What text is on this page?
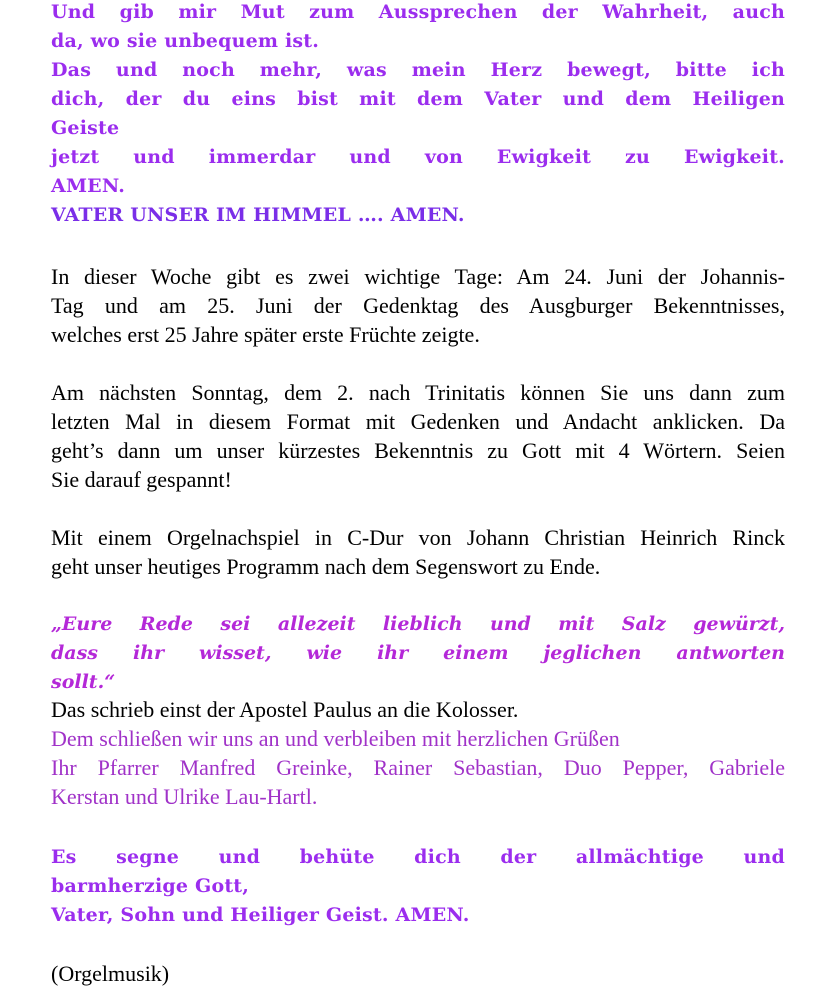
Und gib mir Mut zum Aussprechen der Wahrheit, auch
da, wo sie unbequem ist.
Das und noch mehr, was mein Herz bewegt, bitte ich
dich, der du eins bist mit dem Vater und dem Heiligen
Geiste
jetzt und immerdar und von Ewigkeit zu Ewigkeit.
AMEN.
VATER UNSER IM HIMMEL …. AMEN.
In dieser Woche gibt es zwei wichtige Tage: Am 24. Juni der Johannis-
Tag und am 25. Juni der Gedenktag des Ausgburger Bekenntnisses,
welches erst 25 Jahre später erste Früchte zeigte.
Am nächsten Sonntag, dem 2. nach Trinitatis können Sie uns dann zum
letzten Mal in diesem Format mit Gedenken und Andacht anklicken. Da
geht’s dann um unser kürzestes Bekenntnis zu Gott mit 4 Wörtern. Seien
Sie darauf gespannt!
Mit einem Orgelnachspiel in C-Dur von Johann Christian Heinrich Rinck
geht unser heutiges Programm nach dem Segenswort zu Ende.
„Eure Rede sei allezeit lieblich und mit Salz gewürzt,
dass ihr wisset, wie ihr einem jeglichen antworten
sollt.“
Das schrieb einst der Apostel Paulus an die Kolosser.
Dem schließen wir uns an und verbleiben mit herzlichen Grüßen
Ihr Pfarrer Manfred Greinke, Rainer Sebastian, Duo Pepper, Gabriele
Kerstan und Ulrike Lau-Hartl.
Es segne und behüte dich der allmächtige und
barmherzige Gott,
Vater, Sohn und Heiliger Geist. AMEN.
(Orgelmusik)
